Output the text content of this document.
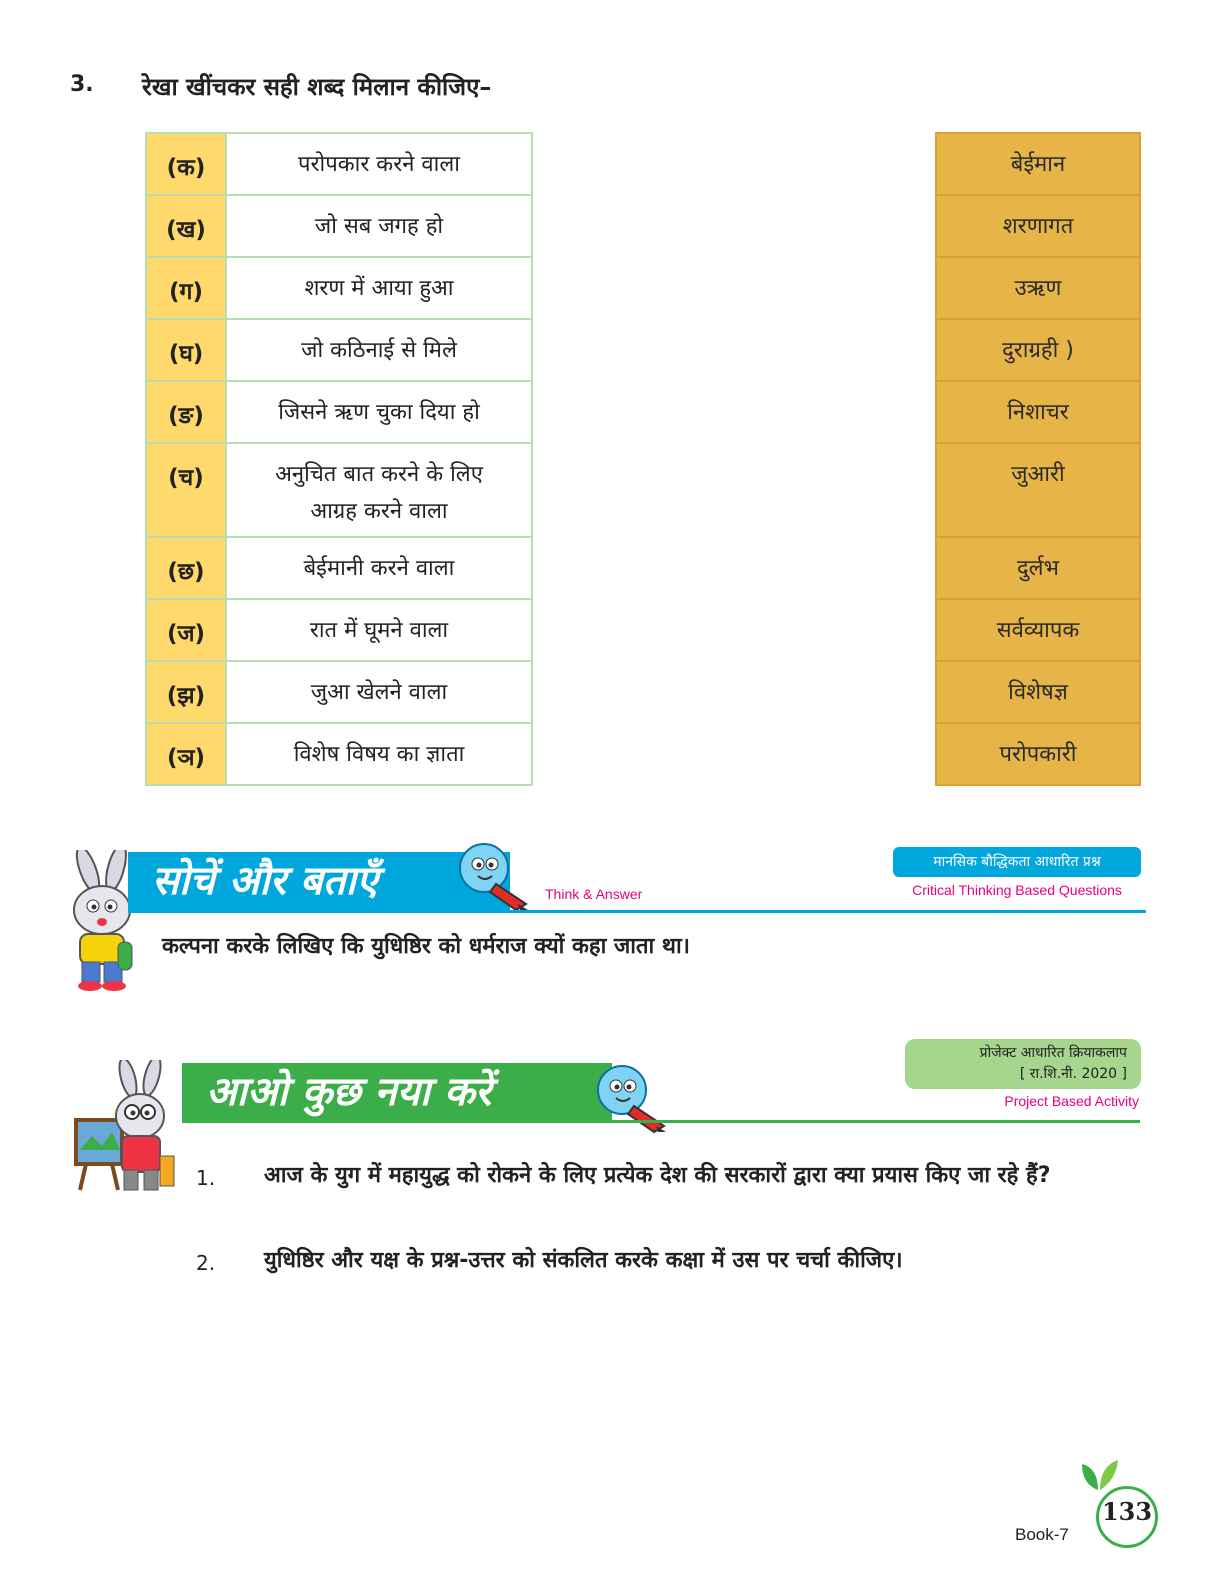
3. रेखा खींचकर सही शब्द मिलान कीजिए–
(क)	परोपकार करने वाला
(ख)	जो सब जगह हो
(ग)	शरण में आया हुआ
(घ)	जो कठिनाई से मिले
(ङ)	जिसने ऋण चुका दिया हो
(च)	अनुचित बात करने के लिए आग्रह करने वाला
(छ)	बेईमानी करने वाला
(ज)	रात में घूमने वाला
(झ)	जुआ खेलने वाला
(ञ)	विशेष विषय का ज्ञाता
बेईमान
शरणागत
उऋण
दुराग्रही )
निशाचर
जुआरी
दुर्लभ
सर्वव्यापक
विशेषज्ञ
परोपकारी
सोचें और बताएँ	Think & Answer
मानसिक बौद्धिकता आधारित प्रश्न
Critical Thinking Based Questions
कल्पना करके लिखिए कि युधिष्ठिर को धर्मराज क्यों कहा जाता था।
आओ कुछ नया करें
प्रोजेक्ट आधारित क्रियाकलाप
[ रा.शि.नी. 2020 ]
Project Based Activity
1. आज के युग में महायुद्ध को रोकने के लिए प्रत्येक देश की सरकारों द्वारा क्या प्रयास किए जा रहे हैं?
2. युधिष्ठिर और यक्ष के प्रश्न-उत्तर को संकलित करके कक्षा में उस पर चर्चा कीजिए।
Book-7
133
